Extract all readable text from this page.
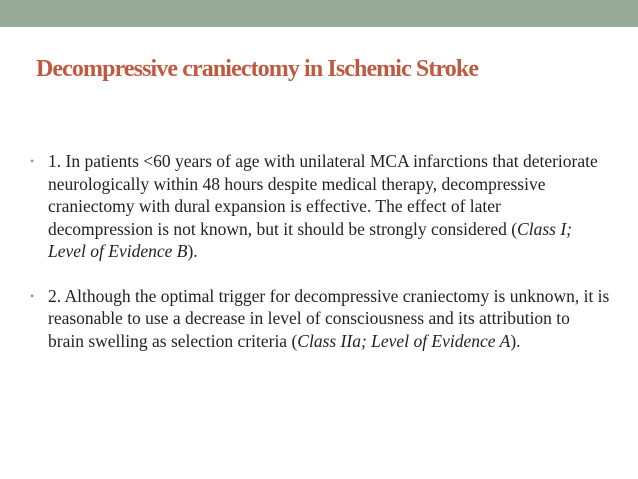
Decompressive craniectomy in Ischemic Stroke
• 1. In patients <60 years of age with unilateral MCA infarctions that deteriorate neurologically within 48 hours despite medical therapy, decompressive craniectomy with dural expansion is effective. The effect of later decompression is not known, but it should be strongly considered (Class I; Level of Evidence B).
• 2. Although the optimal trigger for decompressive craniectomy is unknown, it is reasonable to use a decrease in level of consciousness and its attribution to brain swelling as selection criteria (Class IIa; Level of Evidence A).
